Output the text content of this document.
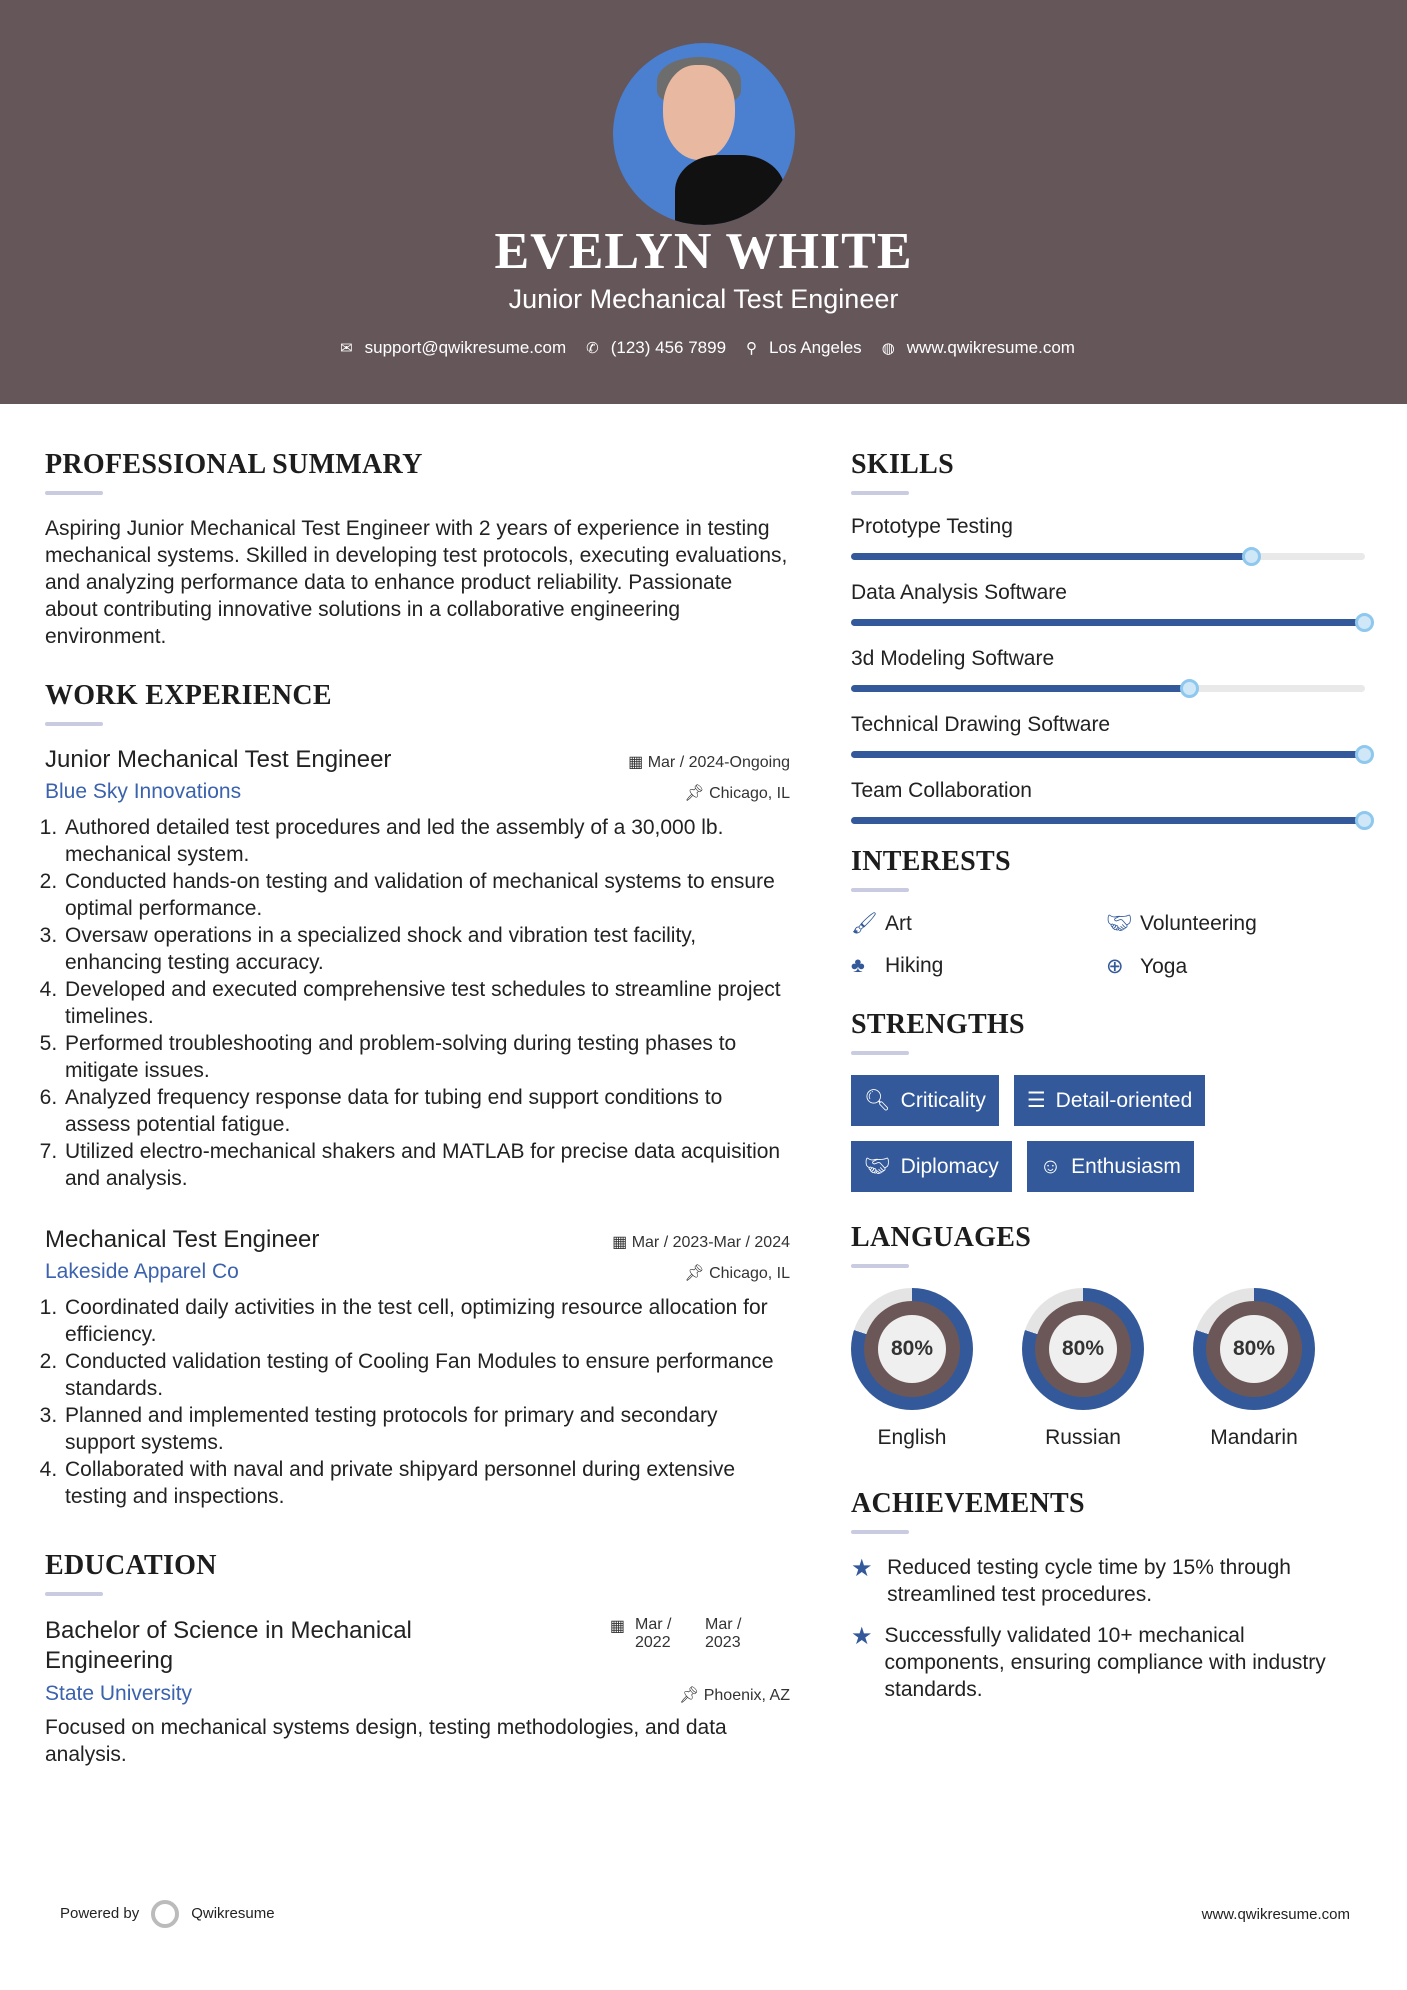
EVELYN WHITE
Junior Mechanical Test Engineer
✉ support@qwikresume.com ✆ (123) 456 7899 ⚲ Los Angeles ◍ www.qwikresume.com
PROFESSIONAL SUMMARY

Aspiring Junior Mechanical Test Engineer with 2 years of experience in testing mechanical systems. Skilled in developing test protocols, executing evaluations, and analyzing performance data to enhance product reliability. Passionate about contributing innovative solutions in a collaborative engineering environment.

WORK EXPERIENCE
Junior Mechanical Test Engineer	▦ Mar / 2024-Ongoing
Blue Sky Innovations	📌︎ Chicago, IL
1. Authored detailed test procedures and led the assembly of a 30,000 lb. mechanical system.
2. Conducted hands-on testing and validation of mechanical systems to ensure optimal performance.
3. Oversaw operations in a specialized shock and vibration test facility, enhancing testing accuracy.
4. Developed and executed comprehensive test schedules to streamline project timelines.
5. Performed troubleshooting and problem-solving during testing phases to mitigate issues.
6. Analyzed frequency response data for tubing end support conditions to assess potential fatigue.
7. Utilized electro-mechanical shakers and MATLAB for precise data acquisition and analysis.
Mechanical Test Engineer	▦ Mar / 2023-Mar / 2024
Lakeside Apparel Co	📌︎ Chicago, IL
1. Coordinated daily activities in the test cell, optimizing resource allocation for efficiency.
2. Conducted validation testing of Cooling Fan Modules to ensure performance standards.
3. Planned and implemented testing protocols for primary and secondary support systems.
4. Collaborated with naval and private shipyard personnel during extensive testing and inspections.
EDUCATION
Bachelor of Science in Mechanical Engineering
▦ Mar / 2022
Mar / 2023
State University	📌︎ Phoenix, AZ

Focused on mechanical systems design, testing methodologies, and data analysis.

SKILLS
Prototype Testing
Data Analysis Software
3d Modeling Software
Technical Drawing Software
Team Collaboration
INTERESTS
🖌︎ Art	🤝︎ Volunteering
♣ Hiking	⊕ Yoga
STRENGTHS
🔍︎ Criticality ☰ Detail-oriented
🤝︎ Diplomacy ☺ Enthusiasm
LANGUAGES
80%
English
80%
Russian
80%
Mandarin
ACHIEVEMENTS
★ Reduced testing cycle time by 15% through streamlined test procedures.

★ Successfully validated 10+ mechanical components, ensuring compliance with industry standards.

Powered by	Qwikresume	www.qwikresume.com
